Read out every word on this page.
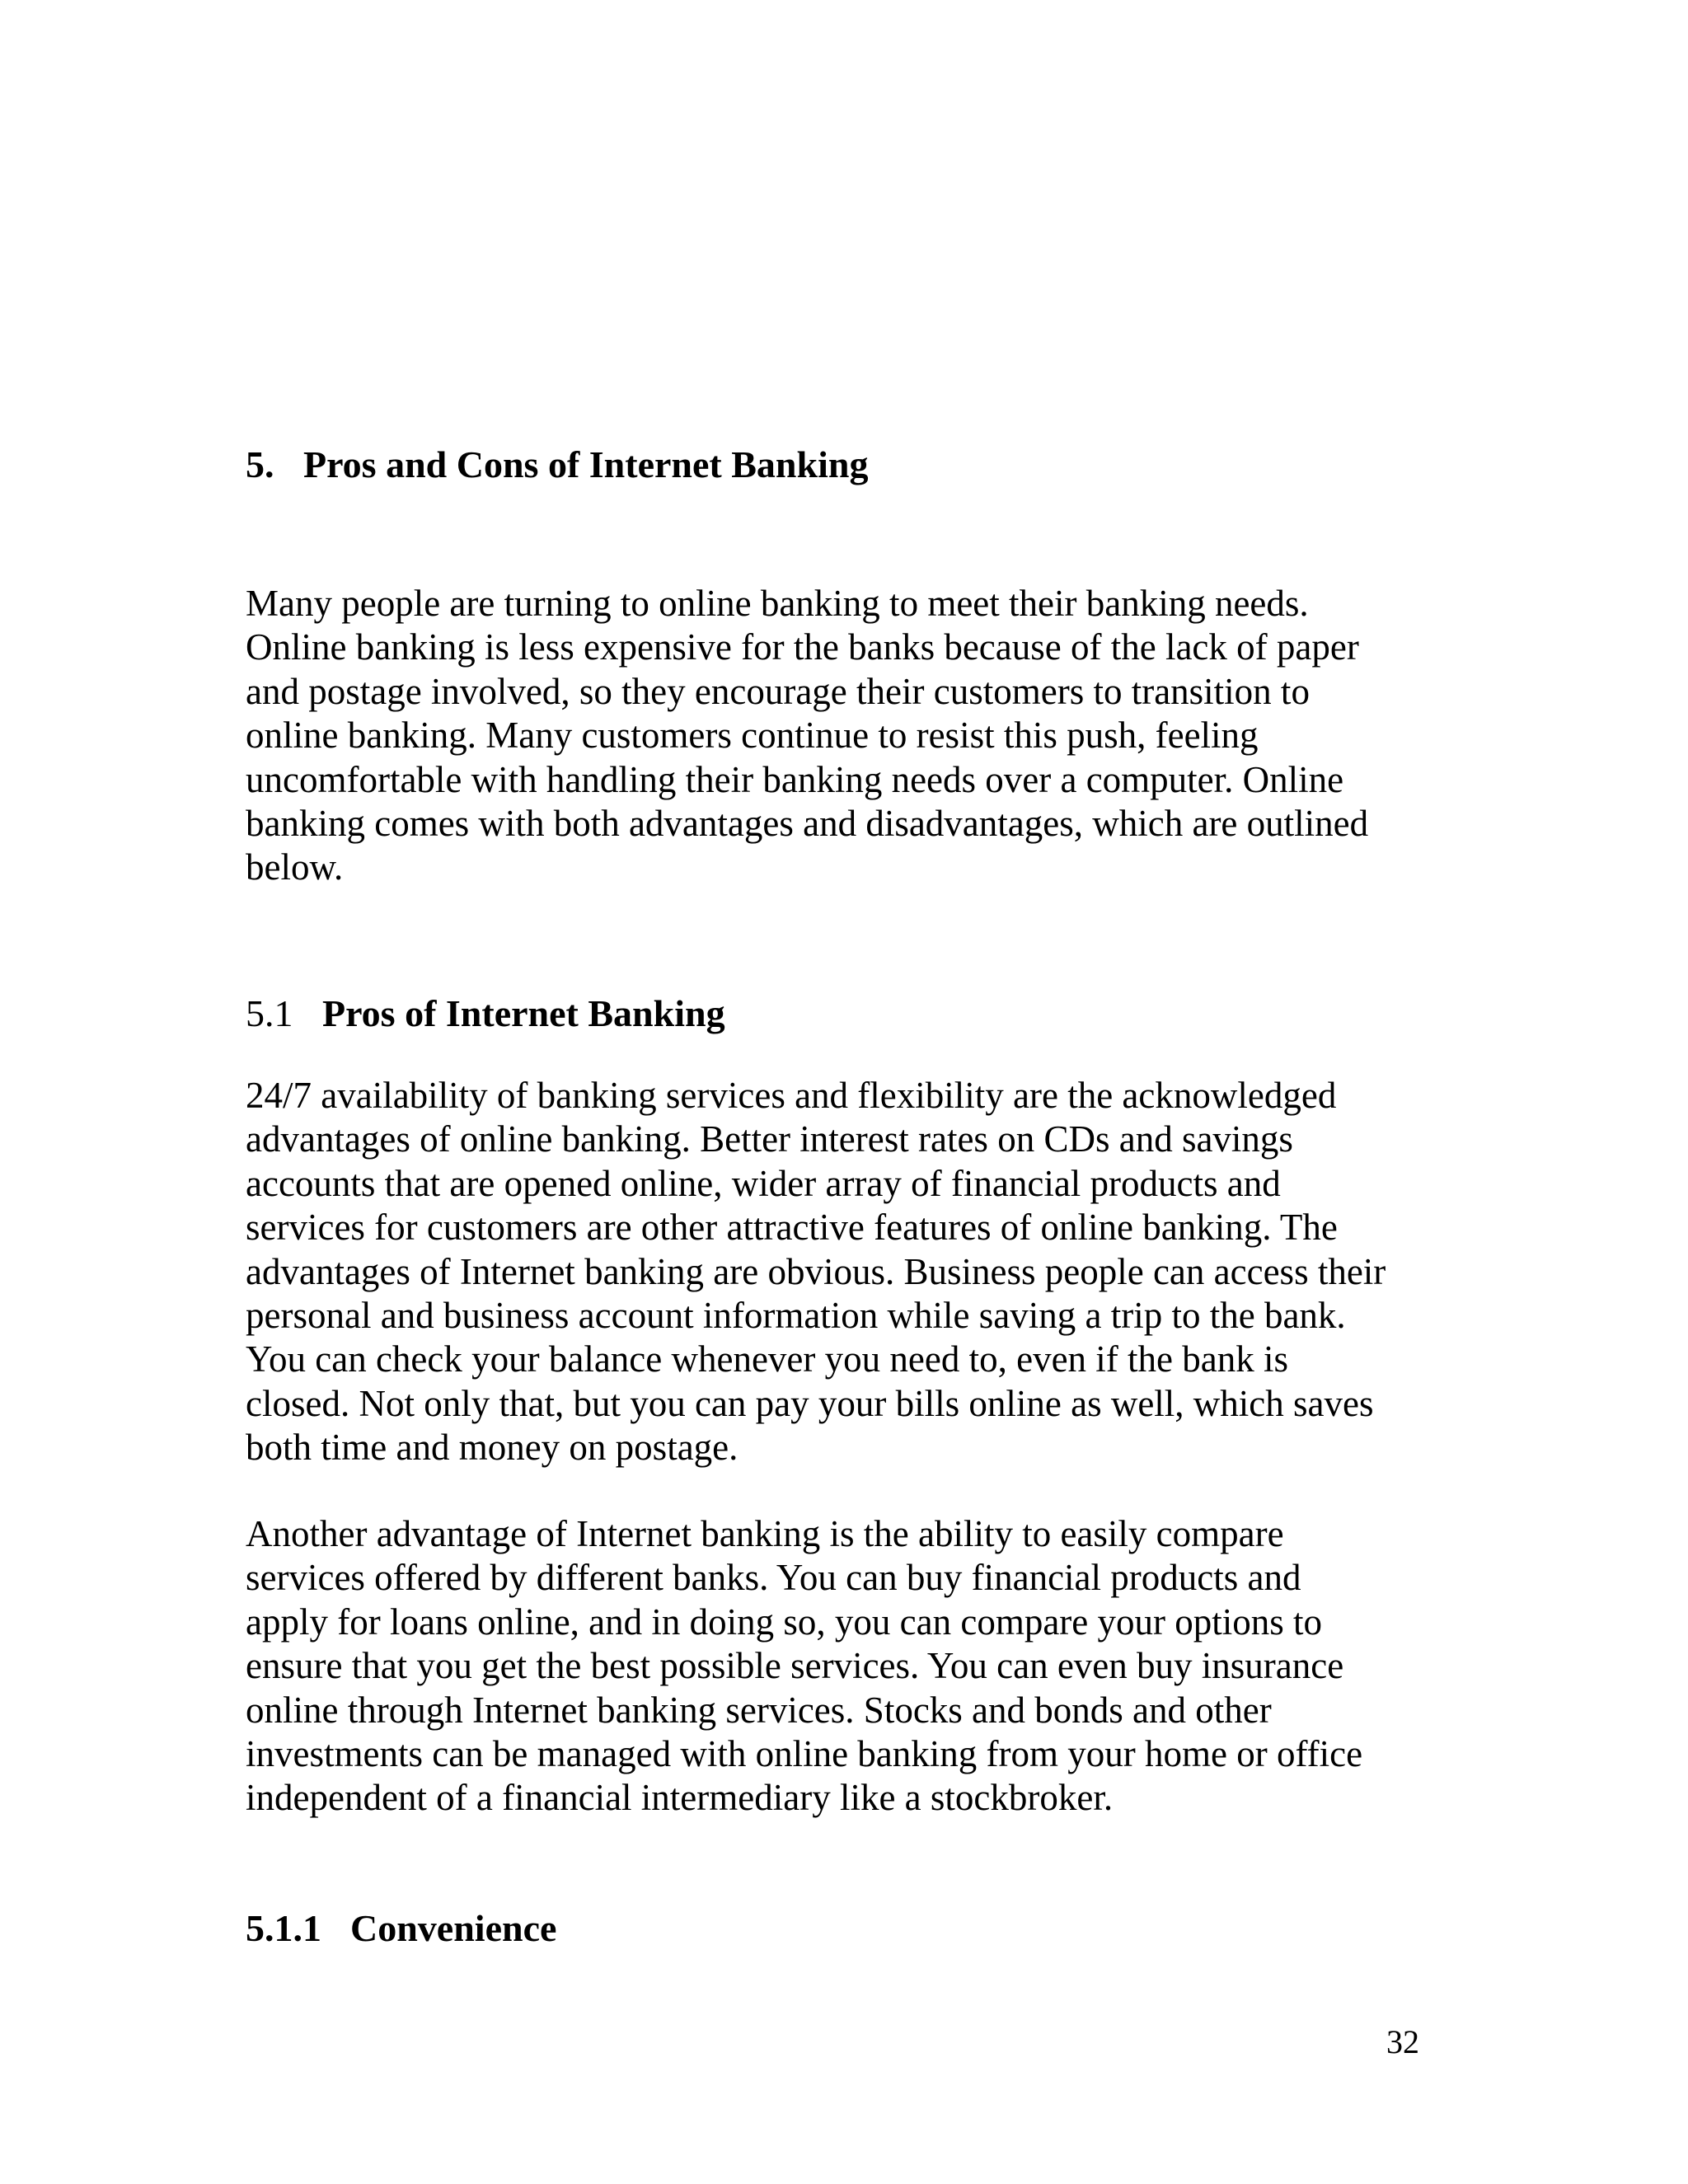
5. Pros and Cons of Internet Banking

Many people are turning to online banking to meet their banking needs.
Online banking is less expensive for the banks because of the lack of paper
and postage involved, so they encourage their customers to transition to
online banking. Many customers continue to resist this push, feeling
uncomfortable with handling their banking needs over a computer. Online
banking comes with both advantages and disadvantages, which are outlined
below.

5.1 Pros of Internet Banking

24/7 availability of banking services and flexibility are the acknowledged
advantages of online banking. Better interest rates on CDs and savings
accounts that are opened online, wider array of financial products and
services for customers are other attractive features of online banking. The
advantages of Internet banking are obvious. Business people can access their
personal and business account information while saving a trip to the bank.
You can check your balance whenever you need to, even if the bank is
closed. Not only that, but you can pay your bills online as well, which saves
both time and money on postage.

Another advantage of Internet banking is the ability to easily compare
services offered by different banks. You can buy financial products and
apply for loans online, and in doing so, you can compare your options to
ensure that you get the best possible services. You can even buy insurance
online through Internet banking services. Stocks and bonds and other
investments can be managed with online banking from your home or office
independent of a financial intermediary like a stockbroker.

5.1.1 Convenience
32
